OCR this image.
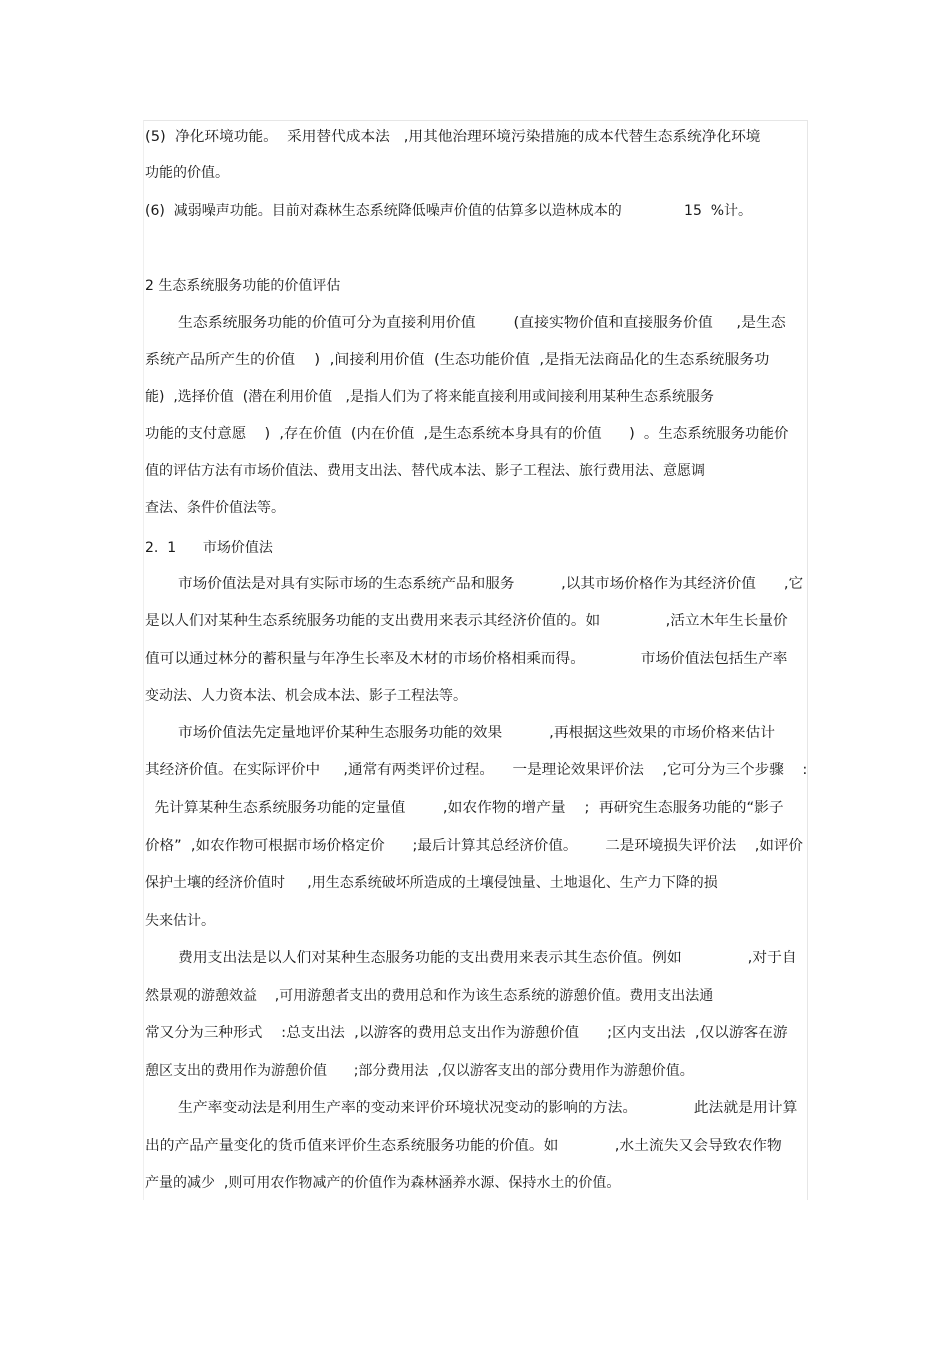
(5)  净化环境功能。  采用替代成本法   ,用其他治理环境污染措施的成本代替生态系统净化环境
功能的价值。
(6)  减弱噪声功能。目前对森林生态系统降低噪声价值的估算多以造林成本的              15  %计。
2 生态系统服务功能的价值评估
生态系统服务功能的价值可分为直接利用价值        (直接实物价值和直接服务价值     ,是生态
系统产品所产生的价值    )  ,间接利用价值  (生态功能价值  ,是指无法商品化的生态系统服务功
能)  ,选择价值  (潜在利用价值   ,是指人们为了将来能直接利用或间接利用某种生态系统服务
功能的支付意愿    )  ,存在价值  (内在价值  ,是生态系统本身具有的价值      )  。生态系统服务功能价
值的评估方法有市场价值法、费用支出法、替代成本法、影子工程法、旅行费用法、意愿调
查法、条件价值法等。
2.  1      市场价值法
市场价值法是对具有实际市场的生态系统产品和服务          ,以其市场价格作为其经济价值      ,它
是以人们对某种生态系统服务功能的支出费用来表示其经济价值的。如              ,活立木年生长量价
值可以通过林分的蓄积量与年净生长率及木材的市场价格相乘而得。            市场价值法包括生产率
变动法、人力资本法、机会成本法、影子工程法等。
市场价值法先定量地评价某种生态服务功能的效果          ,再根据这些效果的市场价格来估计
其经济价值。在实际评价中     ,通常有两类评价过程。    一是理论效果评价法    ,它可分为三个步骤    :
先计算某种生态系统服务功能的定量值        ,如农作物的增产量    ;  再研究生态服务功能的“影子
价格”  ,如农作物可根据市场价格定价      ;最后计算其总经济价值。      二是环境损失评价法    ,如评价
保护土壤的经济价值时     ,用生态系统破坏所造成的土壤侵蚀量、土地退化、生产力下降的损
失来估计。
费用支出法是以人们对某种生态服务功能的支出费用来表示其生态价值。例如              ,对于自
然景观的游憩效益    ,可用游憩者支出的费用总和作为该生态系统的游憩价值。费用支出法通
常又分为三种形式    :总支出法  ,以游客的费用总支出作为游憩价值      ;区内支出法  ,仅以游客在游
憩区支出的费用作为游憩价值      ;部分费用法  ,仅以游客支出的部分费用作为游憩价值。
生产率变动法是利用生产率的变动来评价环境状况变动的影响的方法。            此法就是用计算
出的产品产量变化的货币值来评价生态系统服务功能的价值。如            ,水土流失又会导致农作物
产量的减少  ,则可用农作物减产的价值作为森林涵养水源、保持水土的价值。
